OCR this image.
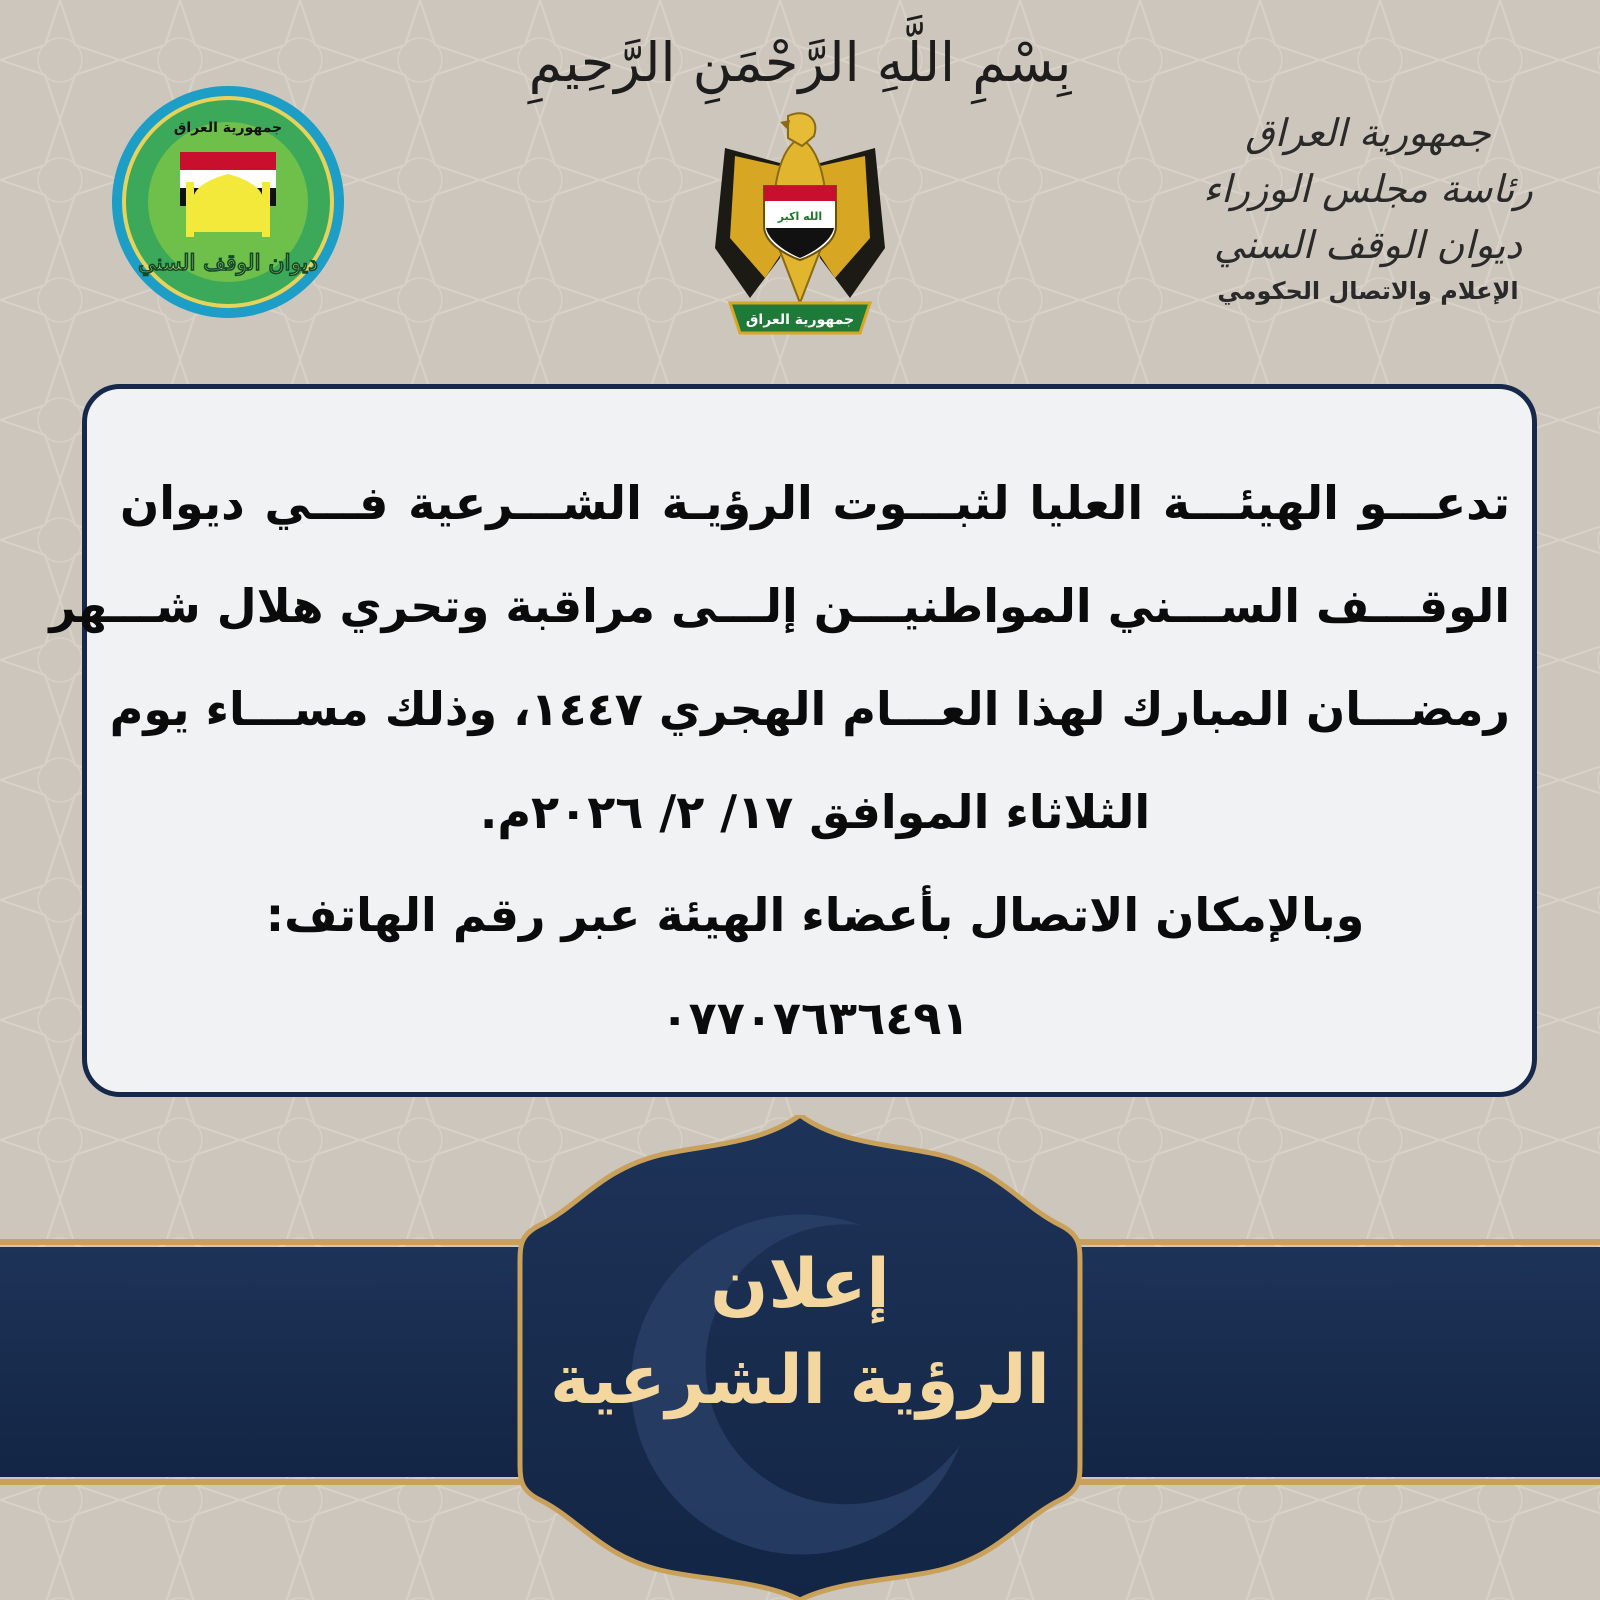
بِسْمِ اللَّهِ الرَّحْمَنِ الرَّحِيمِ
الله اكبر
جمهورية العراق
جمهورية العراق
ديوان الوقف السني
جمهورية العراق
رئاسة مجلس الوزراء
ديوان الوقف السني
الإعلام والاتصال الحكومي
تدعـــو الهيئـــة العليا لثبـــوت الرؤيـة الشـــرعية فـــي ديوان
الوقـــف الســـني المواطنيـــن إلـــى مراقبة وتحري هلال شـــهر
رمضـــان المبارك لهذا العـــام الهجري ١٤٤٧، وذلك مســـاء يوم
الثلاثاء الموافق ١٧/ ٢/ ٢٠٢٦م.
وبالإمكان الاتصال بأعضاء الهيئة عبر رقم الهاتف:
٠٧٧٠٧٦٣٦٤٩١
إعلان
الرؤية الشرعية
